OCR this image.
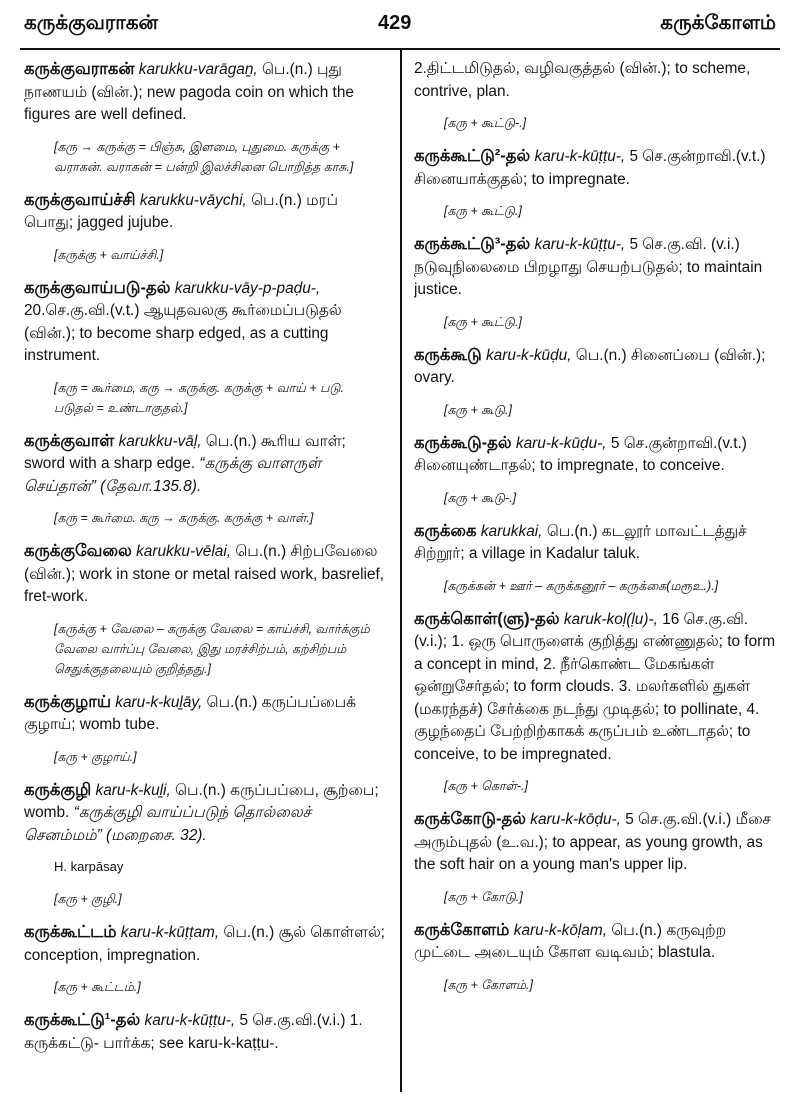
கருக்குவராகன்	429	கருக்கோளம்
கருக்குவராகன் karukku-varāgaṉ, பெ.(n.) புது நாணயம் (வின்.); new pagoda coin on which the figures are well defined.
[கரு → கருக்கு = பிஞ்சு, இளமை, புதுமை. கருக்கு + வராகன். வராகன் = பன்றி இலச்சினை பொறித்த காசு.]
கருக்குவாய்ச்சி karukku-vāychi, பெ.(n.) மரப் பொது; jagged jujube.
[கருக்கு + வாய்ச்சி.]
கருக்குவாய்படு-தல் karukku-vāy-p-paḍu-, 20.செ.கு.வி.(v.t.) ஆயுதவலகு கூர்மைப்படுதல் (வின்.); to become sharp edged, as a cutting instrument.
[கரு = கூர்மை, கரு → கருக்கு. கருக்கு + வாய் + படு. படுதல் = உண்டாகுதல்.]
கருக்குவாள் karukku-vāḷ, பெ.(n.) கூரிய வாள்; sword with a sharp edge. “கருக்கு வாளருள் செய்தான்” (தேவா.135.8).
[கரு = கூர்மை. கரு → கருக்கு. கருக்கு + வாள்.]
கருக்குவேலை karukku-vēlai, பெ.(n.) சிற்பவேலை (வின்.); work in stone or metal raised work, basrelief, fret-work.
[கருக்கு + வேலை – கருக்கு வேலை = காய்ச்சி, வார்க்கும் வேலை வார்ப்பு வேலை, இது மரச்சிற்பம், கற்சிற்பம் செதுக்குதலையும் குறித்தது.]
கருக்குழாய் karu-k-kuḻāy, பெ.(n.) கருப்பப்பைக் குழாய்; womb tube.
[கரு + குழாய்.]
கருக்குழி karu-k-kuḻi, பெ.(n.) கருப்பப்பை, சூற்பை; womb. “கருக்குழி வாய்ப்படுந் தொல்லைச் செனம்மம்” (மறைசை. 32).
H. karpāsay
[கரு + குழி.]
கருக்கூட்டம் karu-k-kūṭṭam, பெ.(n.) சூல் கொள்ளல்; conception, impregnation.
[கரு + கூட்டம்.]
கருக்கூட்டு¹-தல் karu-k-kūṭṭu-, 5 செ.கு.வி.(v.i.) 1. கருக்கட்டு- பார்க்க; see karu-k-kaṭṭu-.
2.திட்டமிடுதல், வழிவகுத்தல் (வின்.); to scheme, contrive, plan.
[கரு + கூட்டு-.]
கருக்கூட்டு²-தல் karu-k-kūṭṭu-, 5 செ.குன்றாவி.(v.t.) சினையாக்குதல்; to impregnate.
[கரு + கூட்டு.]
கருக்கூட்டு³-தல் karu-k-kūṭṭu-, 5 செ.கு.வி. (v.i.) நடுவுநிலைமை பிறழாது செயற்படுதல்; to maintain justice.
[கரு + கூட்டு.]
கருக்கூடு karu-k-kūḍu, பெ.(n.) சினைப்பை (வின்.); ovary.
[கரு + கூடு.]
கருக்கூடு-தல் karu-k-kūḍu-, 5 செ.குன்றாவி.(v.t.) சினையுண்டாதல்; to impregnate, to conceive.
[கரு + கூடு-.]
கருக்கை karukkai, பெ.(n.) கடலூர் மாவட்டத்துச் சிற்றூர்; a village in Kadalur taluk.
[கருக்கன் + ஊர் – கருக்கனூர் – கருக்கை(மரூஉ.).]
கருக்கொள்(ளு)-தல் karuk-koḷ(ḷu)-, 16 செ.கு.வி.(v.i.); 1. ஒரு பொருளைக் குறித்து எண்ணுதல்; to form a concept in mind, 2. நீர்கொண்ட மேகங்கள் ஒன்றுசேர்தல்; to form clouds. 3. மலர்களில் துகள் (மகரந்தச்) சேர்க்கை நடந்து முடிதல்; to pollinate, 4. குழந்தைப் பேற்றிற்காகக் கருப்பம் உண்டாதல்; to conceive, to be impregnated.
[கரு + கொள்-.]
கருக்கோடு-தல் karu-k-kōḍu-, 5 செ.கு.வி.(v.i.) மீசை அரும்புதல் (உ.வ.); to appear, as young growth, as the soft hair on a young man's upper lip.
[கரு + கோடு.]
கருக்கோளம் karu-k-kōḷam, பெ.(n.) கருவுற்ற முட்டை அடையும் கோள வடிவம்; blastula.
[கரு + கோளம்.]
